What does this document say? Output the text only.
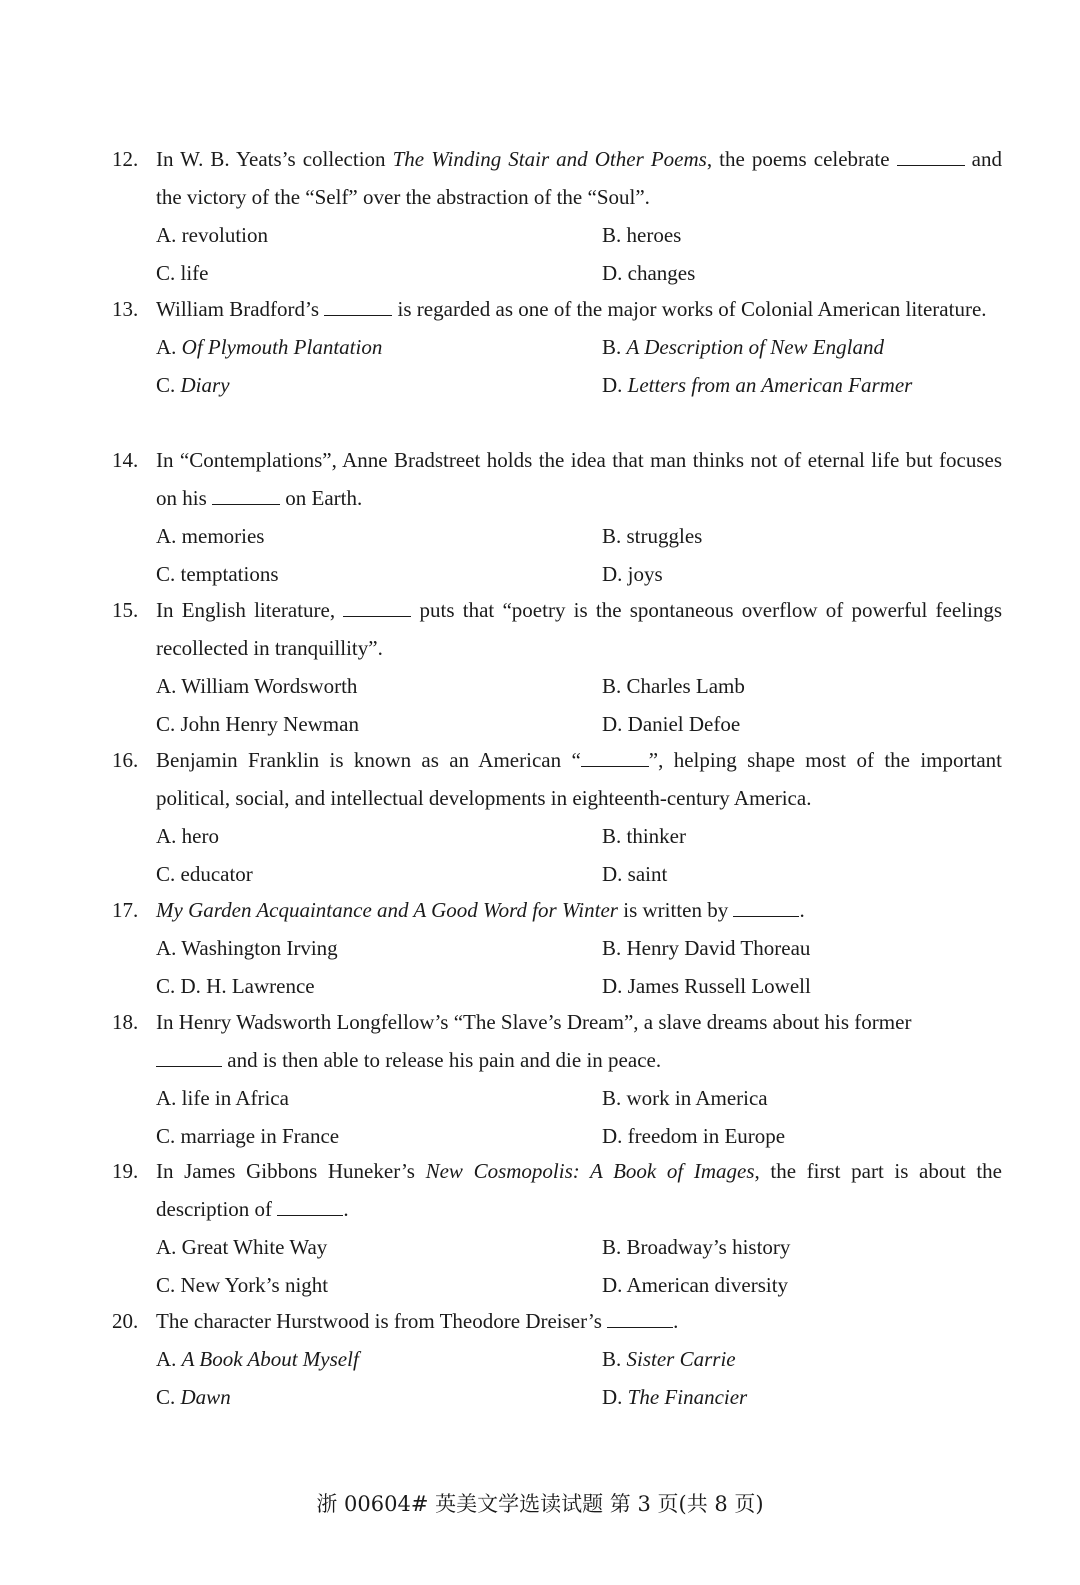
12. In W. B. Yeats’s collection The Winding Stair and Other Poems, the poems celebrate	and the victory of the “Self” over the abstraction of the “Soul”.
A. revolution	B. heroes
C. life	D. changes
13. William Bradford’s	is regarded as one of the major works of Colonial American literature.
A. Of Plymouth Plantation	B. A Description of New England
C. Diary	D. Letters from an American Farmer
14. In “Contemplations”, Anne Bradstreet holds the idea that man thinks not of eternal life but focuses on his	on Earth.
A. memories	B. struggles
C. temptations	D. joys
15. In English literature,	puts that “poetry is the spontaneous overflow of powerful feelings recollected in tranquillity”.
A. William Wordsworth	B. Charles Lamb
C. John Henry Newman	D. Daniel Defoe
16. Benjamin Franklin is known as an American “	”, helping shape most of the important political, social, and intellectual developments in eighteenth-century America.
A. hero	B. thinker
C. educator	D. saint
17. My Garden Acquaintance and A Good Word for Winter is written by	.
A. Washington Irving	B. Henry David Thoreau
C. D. H. Lawrence	D. James Russell Lowell
18. In Henry Wadsworth Longfellow’s “The Slave’s Dream”, a slave dreams about his former
and is then able to release his pain and die in peace.
A. life in Africa	B. work in America
C. marriage in France	D. freedom in Europe
19. In James Gibbons Huneker’s New Cosmopolis: A Book of Images, the first part is about the description of	.
A. Great White Way	B. Broadway’s history
C. New York’s night	D. American diversity
20. The character Hurstwood is from Theodore Dreiser’s	.
A. A Book About Myself	B. Sister Carrie
C. Dawn	D. The Financier
浙 00604# 英美文学选读试题 第 3 页(共 8 页)
